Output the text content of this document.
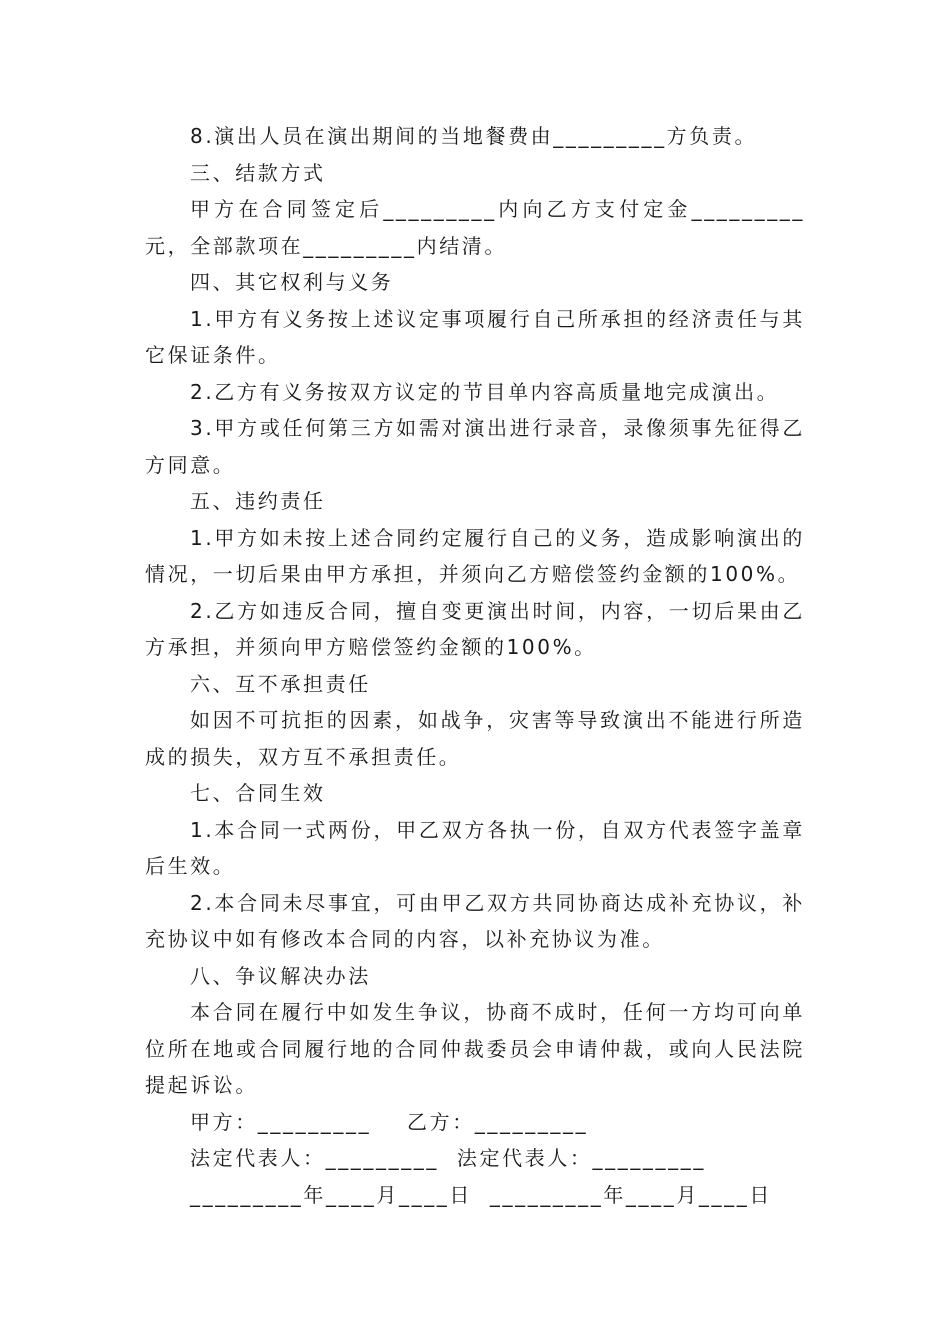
8.演出人员在演出期间的当地餐费由_________方负责。

三、结款方式

甲方在合同签定后_________内向乙方支付定金_________元，全部款项在_________内结清。

四、其它权利与义务

1.甲方有义务按上述议定事项履行自己所承担的经济责任与其它保证条件。

2.乙方有义务按双方议定的节目单内容高质量地完成演出。

3.甲方或任何第三方如需对演出进行录音，录像须事先征得乙方同意。

五、违约责任

1.甲方如未按上述合同约定履行自己的义务，造成影响演出的情况，一切后果由甲方承担，并须向乙方赔偿签约金额的100%。

2.乙方如违反合同，擅自变更演出时间，内容，一切后果由乙方承担，并须向甲方赔偿签约金额的100%。

六、互不承担责任

如因不可抗拒的因素，如战争，灾害等导致演出不能进行所造成的损失，双方互不承担责任。

七、合同生效

1.本合同一式两份，甲乙双方各执一份，自双方代表签字盖章后生效。

2.本合同未尽事宜，可由甲乙双方共同协商达成补充协议，补充协议中如有修改本合同的内容，以补充协议为准。

八、争议解决办法

本合同在履行中如发生争议，协商不成时，任何一方均可向单位所在地或合同履行地的合同仲裁委员会申请仲裁，或向人民法院提起诉讼。

甲方：_________    乙方：_________

法定代表人：_________  法定代表人：_________

_________年____月____日  _________年____月____日
